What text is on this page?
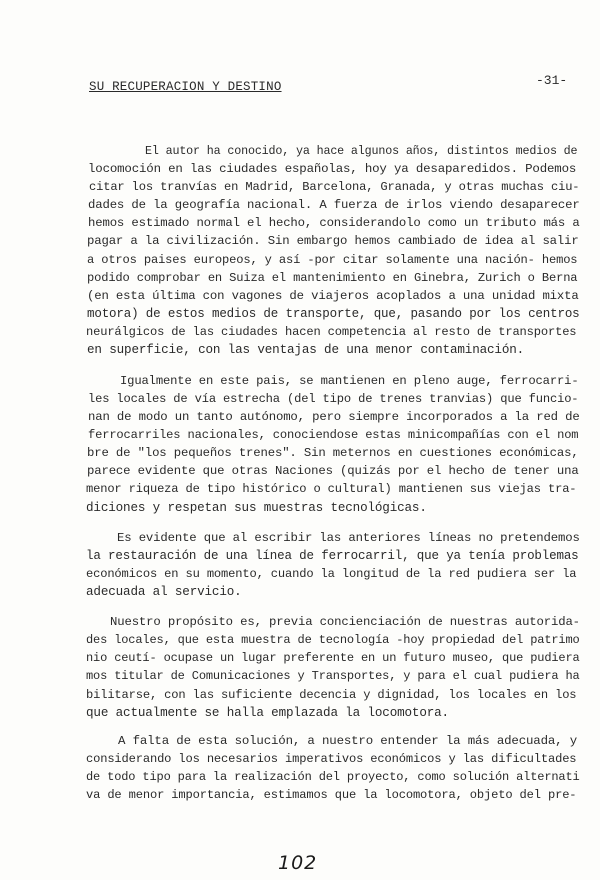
SU RECUPERACION Y DESTINO	-31-
El autor ha conocido, ya hace algunos años, distintos medios de
locomoción en las ciudades españolas, hoy ya desaparedidos. Podemos
citar los tranvías en Madrid, Barcelona, Granada, y otras muchas ciu-
dades de la geografía nacional. A fuerza de irlos viendo desaparecer
hemos estimado normal el hecho, considerandolo como un tributo más a
pagar a la civilización. Sin embargo hemos cambiado de idea al salir
a otros paises europeos, y así -por citar solamente una nación- hemos
podido comprobar en Suiza el mantenimiento en Ginebra, Zurich o Berna
(en esta última con vagones de viajeros acoplados a una unidad mixta
motora) de estos medios de transporte, que, pasando por los centros
neurálgicos de las ciudades hacen competencia al resto de transportes
en superficie, con las ventajas de una menor contaminación.
Igualmente en este pais, se mantienen en pleno auge, ferrocarri-
les locales de vía estrecha (del tipo de trenes tranvias) que funcio-
nan de modo un tanto autónomo, pero siempre incorporados a la red de
ferrocarriles nacionales, conociendose estas minicompañías con el nom
bre de "los pequeños trenes". Sin meternos en cuestiones económicas,
parece evidente que otras Naciones (quizás por el hecho de tener una
menor riqueza de tipo histórico o cultural) mantienen sus viejas tra-
diciones y respetan sus muestras tecnológicas.
Es evidente que al escribir las anteriores líneas no pretendemos
la restauración de una línea de ferrocarril, que ya tenía problemas
económicos en su momento, cuando la longitud de la red pudiera ser la
adecuada al servicio.
Nuestro propósito es, previa concienciación de nuestras autorida-
des locales, que esta muestra de tecnología -hoy propiedad del patrimo
nio ceutí- ocupase un lugar preferente en un futuro museo, que pudiera
mos titular de Comunicaciones y Transportes, y para el cual pudiera ha
bilitarse, con las suficiente decencia y dignidad, los locales en los
que actualmente se halla emplazada la locomotora.
A falta de esta solución, a nuestro entender la más adecuada, y
considerando los necesarios imperativos económicos y las dificultades
de todo tipo para la realización del proyecto, como solución alternati
va de menor importancia, estimamos que la locomotora, objeto del pre-
102
